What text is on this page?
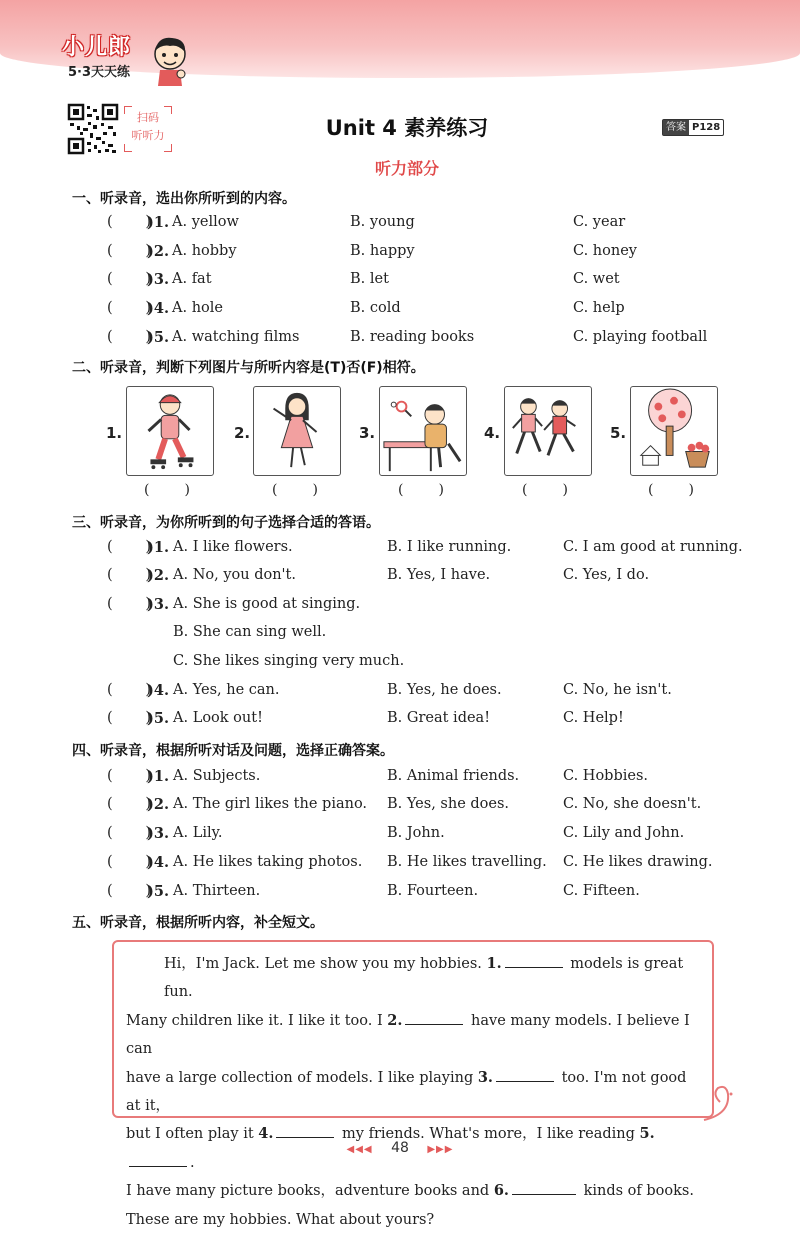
小儿郎
5·3天天练
扫码
听听力	Unit 4 素养练习	答案 P128
听力部分
一、听录音，选出你所听到的内容。
)1. A. yellow	B. young	C. year
)2. A. hobby	B. happy	C. honey
)3. A. fat	B. let	C. wet
)4. A. hole	B. cold	C. help
)5. A. watching films	B. reading books	C. playing football
二、听录音，判断下列图片与所听内容是(T)否(F)相符。
1.	2.	3.	4.	5.
三、听录音，为你所听到的句子选择合适的答语。
)1. A. I like flowers.	B. I like running.	C. I am good at running.
)2. A. No, you don't.	B. Yes, I have.	C. Yes, I do.
)3. A. She is good at singing.
B. She can sing well.
C. She likes singing very much.
)4. A. Yes, he can.	B. Yes, he does.	C. No, he isn't.
)5. A. Look out!	B. Great idea!	C. Help!
四、听录音，根据所听对话及问题，选择正确答案。
)1. A. Subjects.	B. Animal friends.	C. Hobbies.
)2. A. The girl likes the piano. B. Yes, she does.	C. No, she doesn't.
)3. A. Lily.	B. John.	C. Lily and John.
)4. A. He likes taking photos. B. He likes travelling. C. He likes drawing.
)5. A. Thirteen.	B. Fourteen.	C. Fifteen.
五、听录音，根据所听内容，补全短文。
Hi，I'm Jack. Let me show you my hobbies. 1.	models is great fun.
Many children like it. I like it too. I 2.	have many models. I believe I can
have a large collection of models. I like playing 3.	too. I'm not good at it，
but I often play it 4.	my friends. What's more，I like reading 5..
I have many picture books，adventure books and 6.	kinds of books.
These are my hobbies. What about yours?
◀◀◀ 48 ▶▶▶
